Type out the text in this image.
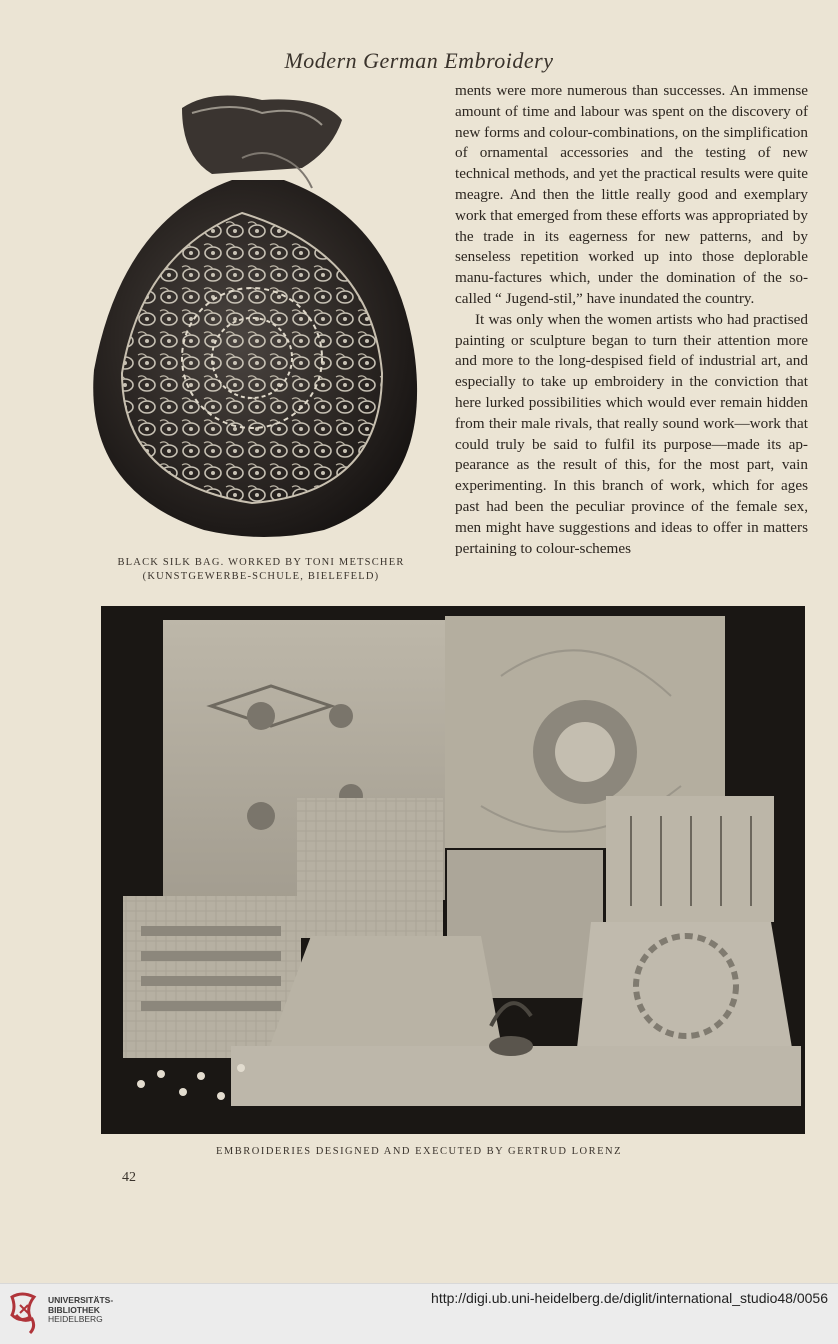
Modern German Embroidery
BLACK SILK BAG. WORKED BY TONI METSCHER
(KUNSTGEWERBE-SCHULE, BIELEFELD)

ments were more numerous than successes. An immense amount of time and labour was spent on the discovery of new forms and colour-combinations, on the simplification of ornamental accessories and the testing of new technical methods, and yet the practical results were quite meagre. And then the little really good and exemplary work that emerged from these efforts was appropriated by the trade in its eagerness for new patterns, and by senseless repetition worked up into those deplorable manu-factures which, under the domination of the so-called “ Jugend-stil,” have inundated the country.

It was only when the women artists who had practised painting or sculpture began to turn their attention more and more to the long-despised field of industrial art, and especially to take up embroidery in the conviction that here lurked possibilities which would ever remain hidden from their male rivals, that really sound work—work that could truly be said to fulfil its purpose—made its ap-pearance as the result of this, for the most part, vain experimenting. In this branch of work, which for ages past had been the peculiar province of the female sex, men might have suggestions and ideas to offer in matters pertaining to colour-schemes

EMBROIDERIES DESIGNED AND EXECUTED BY GERTRUD LORENZ
42
UNIVERSITÄTS-
BIBLIOTHEK
HEIDELBERG
http://digi.ub.uni-heidelberg.de/diglit/international_studio48/0056
